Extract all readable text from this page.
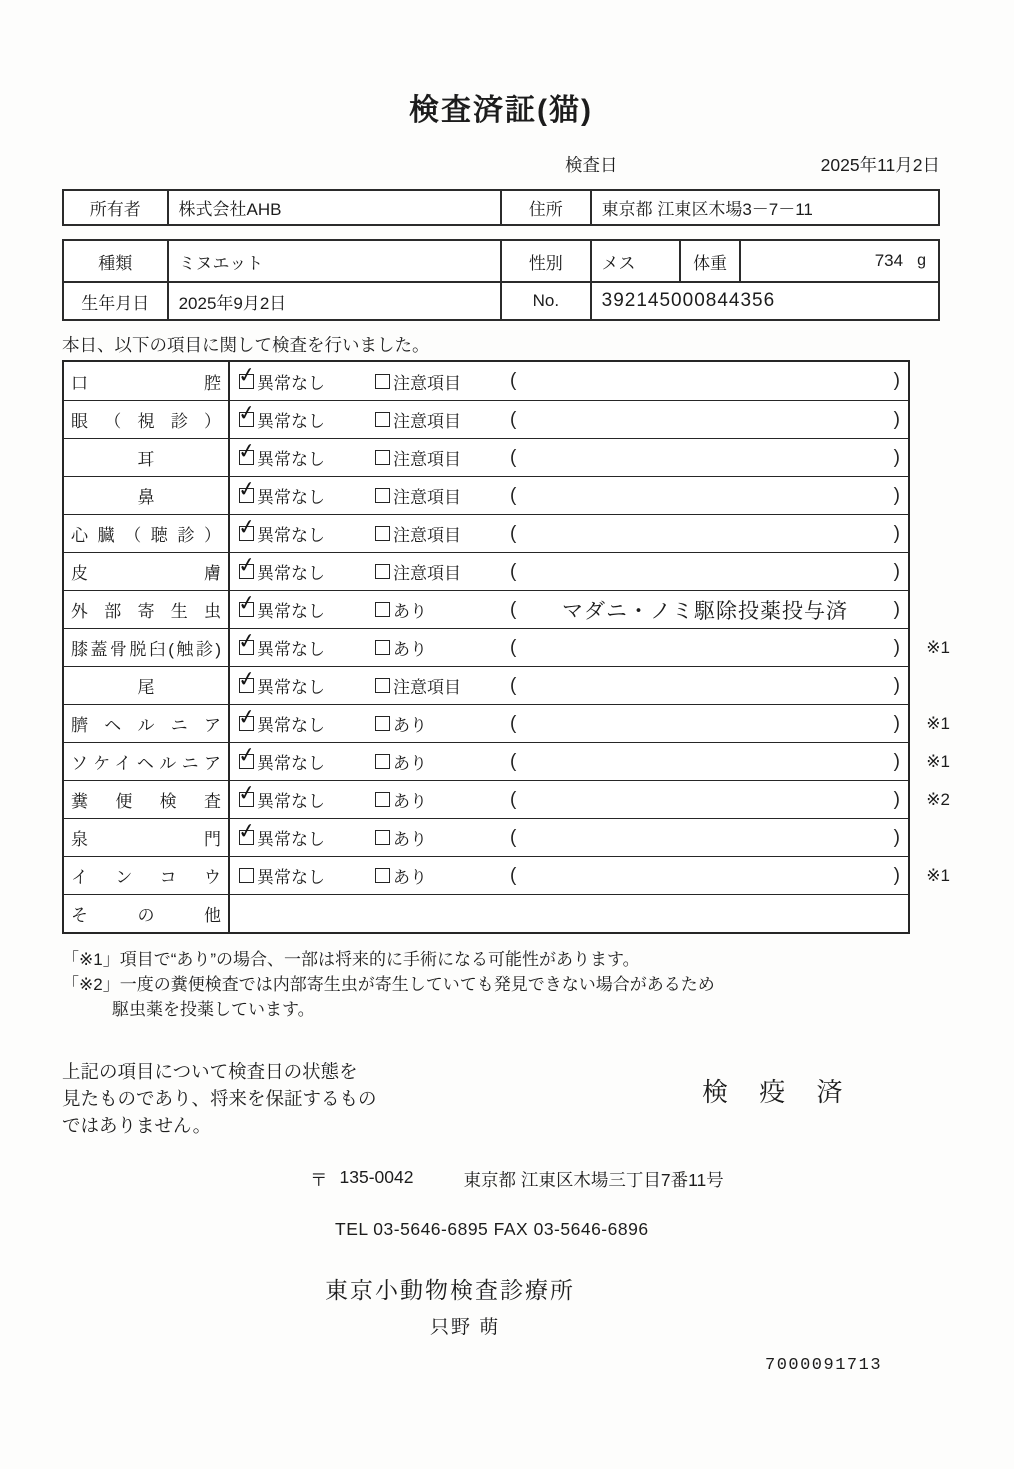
検査済証(猫)
検査日	2025年11月2日
所有者	株式会社AHB	住所	東京都 江東区木場3－7－11
種類	ミヌエット	性別	メス	体重	734 g
生年月日	2025年9月2日	No.	392145000844356
本日、以下の項目に関して検査を行いました。
口腔 ✓ 異常なし	注意項目	(	)
眼（視診） ✓ 異常なし	注意項目	(	)
耳	✓ 異常なし	注意項目	(	)
鼻	✓ 異常なし	注意項目	(	)
心臓（聴診） ✓ 異常なし	注意項目	(	)
皮膚 ✓ 異常なし	注意項目	(	)
外部寄生虫 ✓ 異常なし	あり	(	マダニ・ノミ駆除投薬投与済	)
膝蓋骨脱臼(触診) ✓ 異常なし	あり	(	) ※1
尾	✓ 異常なし	注意項目	(	)
臍ヘルニア ✓ 異常なし	あり	(	) ※1
ソケイヘルニア ✓ 異常なし	あり	(	) ※1
糞便検査 ✓ 異常なし	あり	(	) ※2
泉門 ✓ 異常なし	あり	(	)
インコウ 異常なし	あり	(	) ※1
その他
「※1」項目で“あり”の場合、一部は将来的に手術になる可能性があります。
「※2」一度の糞便検査では内部寄生虫が寄生していても発見できない場合があるため
駆虫薬を投薬しています。
上記の項目について検査日の状態を
見たものであり、将来を保証するもの
ではありません。
〒 135-0042	東京都 江東区木場三丁目7番11号
TEL 03-5646-6895 FAX 03-5646-6896
東京小動物検査診療所
只野 萌
7000091713
検 疫 済
